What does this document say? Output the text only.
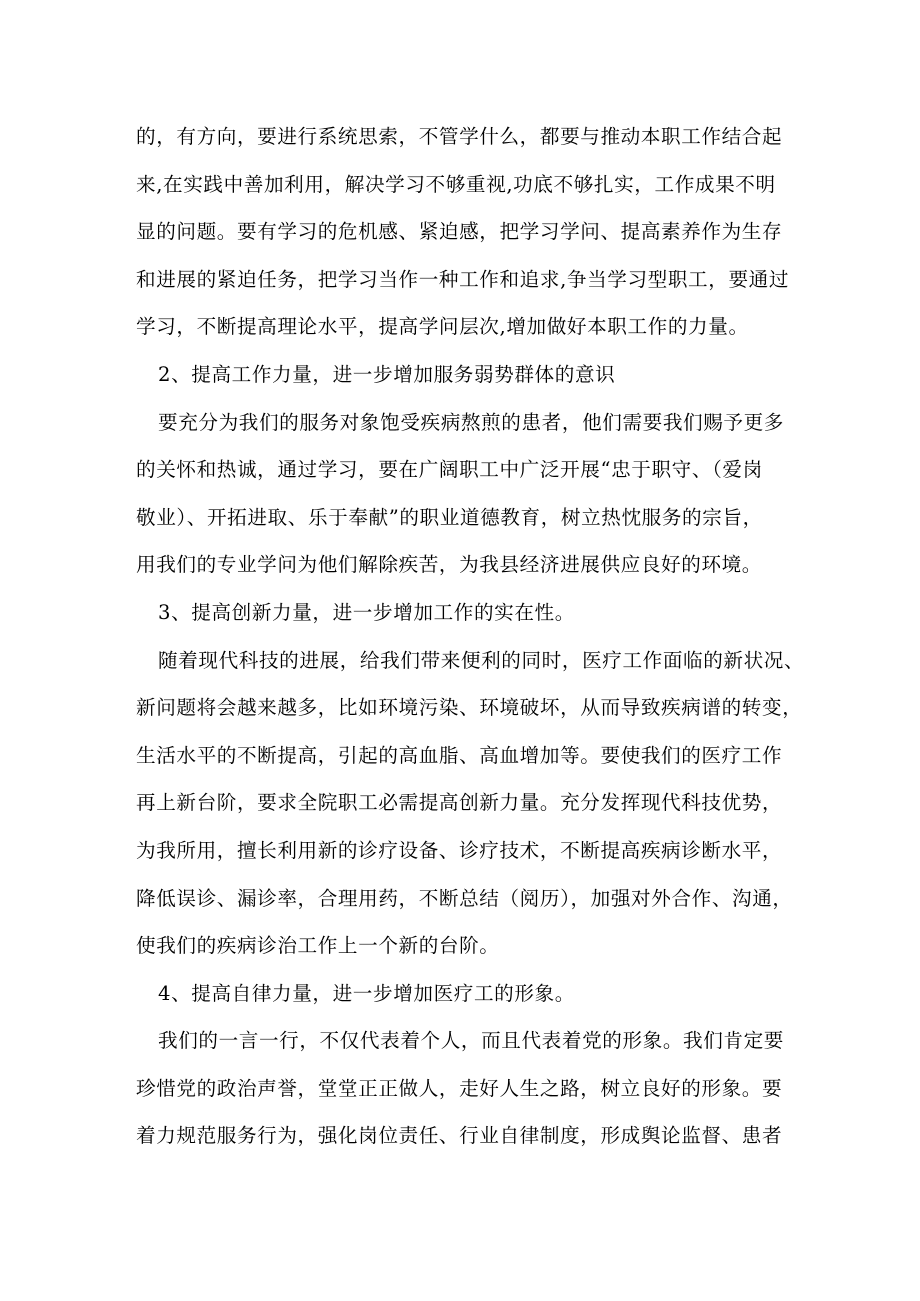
的，有方向，要进行系统思索，不管学什么，都要与推动本职工作结合起
来,在实践中善加利用，解决学习不够重视,功底不够扎实，工作成果不明
显的问题。要有学习的危机感、紧迫感，把学习学问、提高素养作为生存
和进展的紧迫任务，把学习当作一种工作和追求,争当学习型职工，要通过
学习，不断提高理论水平，提高学问层次,增加做好本职工作的力量。
2、提高工作力量，进一步增加服务弱势群体的意识
要充分为我们的服务对象饱受疾病熬煎的患者，他们需要我们赐予更多
的关怀和热诚，通过学习，要在广阔职工中广泛开展“忠于职守、（爱岗
敬业）、开拓进取、乐于奉献”的职业道德教育，树立热忱服务的宗旨，
用我们的专业学问为他们解除疾苦，为我县经济进展供应良好的环境。
3、提高创新力量，进一步增加工作的实在性。
随着现代科技的进展，给我们带来便利的同时，医疗工作面临的新状况、
新问题将会越来越多，比如环境污染、环境破坏，从而导致疾病谱的转变，
生活水平的不断提高，引起的高血脂、高血增加等。要使我们的医疗工作
再上新台阶，要求全院职工必需提高创新力量。充分发挥现代科技优势，
为我所用，擅长利用新的诊疗设备、诊疗技术，不断提高疾病诊断水平，
降低误诊、漏诊率，合理用药，不断总结（阅历），加强对外合作、沟通，
使我们的疾病诊治工作上一个新的台阶。
4、提高自律力量，进一步增加医疗工的形象。
我们的一言一行，不仅代表着个人，而且代表着党的形象。我们肯定要
珍惜党的政治声誉，堂堂正正做人，走好人生之路，树立良好的形象。要
着力规范服务行为，强化岗位责任、行业自律制度，形成舆论监督、患者
